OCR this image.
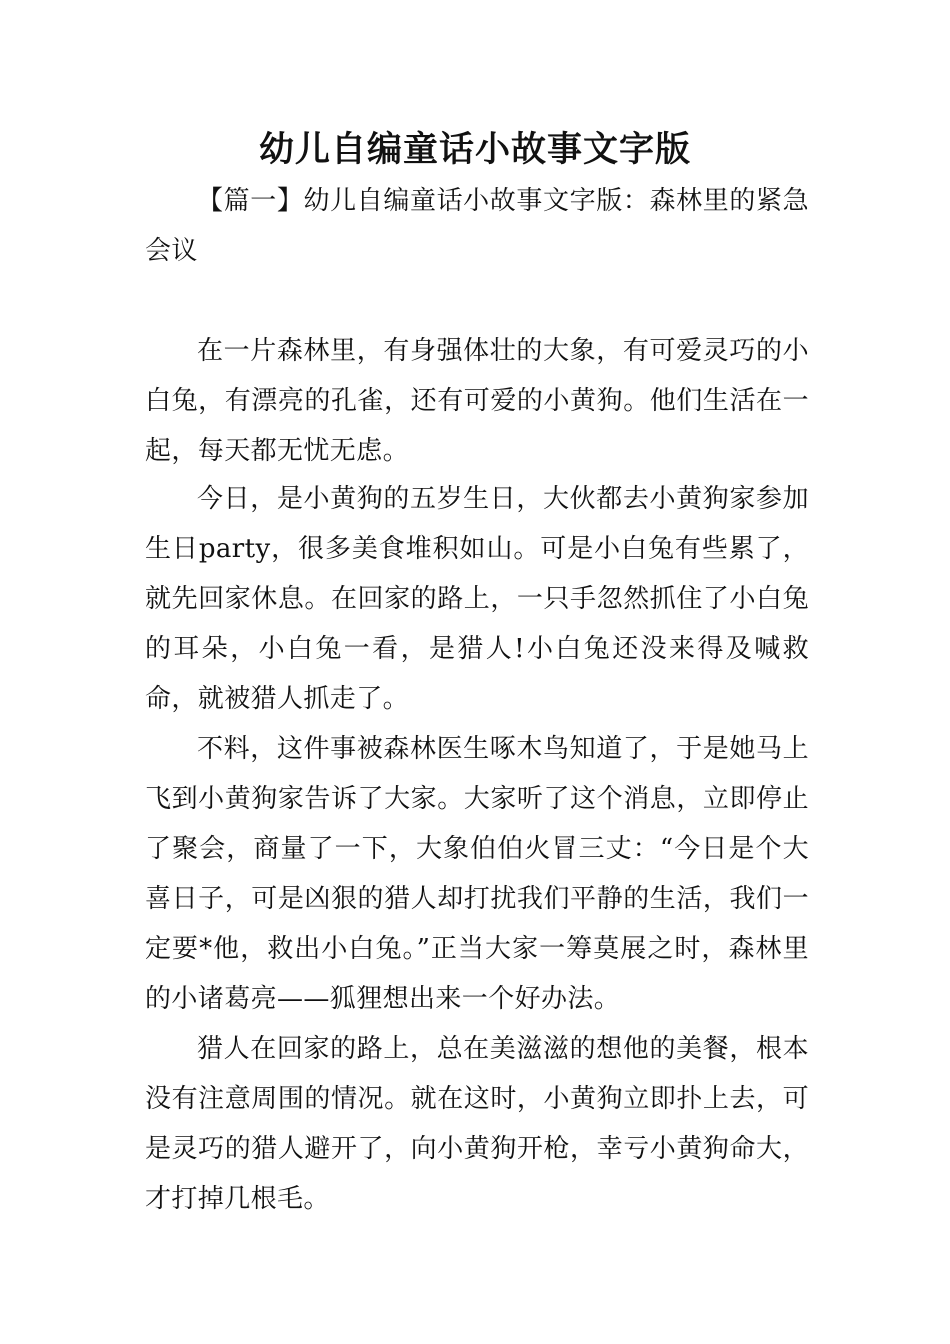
幼儿自编童话小故事文字版

【篇一】幼儿自编童话小故事文字版：森林里的紧急会议

在一片森林里，有身强体壮的大象，有可爱灵巧的小白兔，有漂亮的孔雀，还有可爱的小黄狗。他们生活在一起，每天都无忧无虑。

今日，是小黄狗的五岁生日，大伙都去小黄狗家参加生日party，很多美食堆积如山。可是小白兔有些累了，就先回家休息。在回家的路上，一只手忽然抓住了小白兔的耳朵，小白兔一看，是猎人!小白兔还没来得及喊救命，就被猎人抓走了。

不料，这件事被森林医生啄木鸟知道了，于是她马上飞到小黄狗家告诉了大家。大家听了这个消息，立即停止了聚会，商量了一下，大象伯伯火冒三丈：“今日是个大喜日子，可是凶狠的猎人却打扰我们平静的生活，我们一定要*他，救出小白兔。”正当大家一筹莫展之时，森林里的小诸葛亮——狐狸想出来一个好办法。

猎人在回家的路上，总在美滋滋的想他的美餐，根本没有注意周围的情况。就在这时，小黄狗立即扑上去，可是灵巧的猎人避开了，向小黄狗开枪，幸亏小黄狗命大，才打掉几根毛。
